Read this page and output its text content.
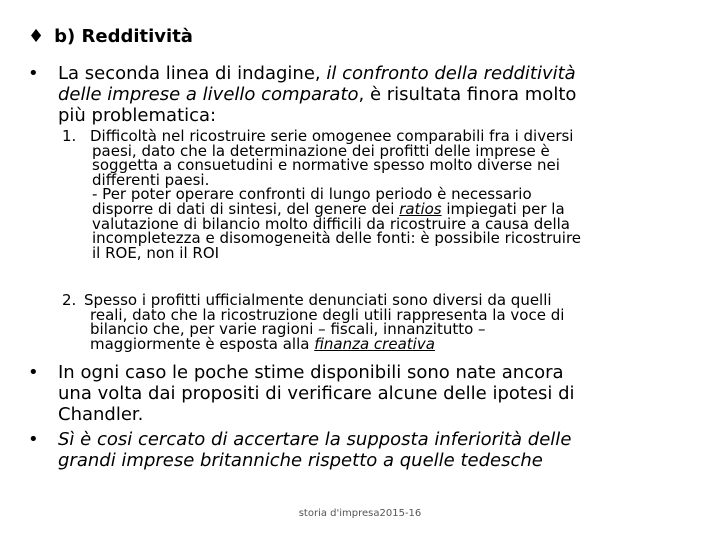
♦ b) Redditività
• La seconda linea di indagine, il confronto della redditività
delle imprese a livello comparato, è risultata finora molto
più problematica:
1. Difficoltà nel ricostruire serie omogenee comparabili fra i diversi
paesi, dato che la determinazione dei profitti delle imprese è
soggetta a consuetudini e normative spesso molto diverse nei
differenti paesi.
- Per poter operare confronti di lungo periodo è necessario
disporre di dati di sintesi, del genere dei ratios impiegati per la
valutazione di bilancio molto difficili da ricostruire a causa della
incompletezza e disomogeneità delle fonti: è possibile ricostruire
il ROE, non il ROI
2. Spesso i profitti ufficialmente denunciati sono diversi da quelli
reali, dato che la ricostruzione degli utili rappresenta la voce di
bilancio che, per varie ragioni – fiscali, innanzitutto –
maggiormente è esposta alla finanza creativa
• In ogni caso le poche stime disponibili sono nate ancora
una volta dai propositi di verificare alcune delle ipotesi di
Chandler.
• Sì è cosi cercato di accertare la supposta inferiorità delle
grandi imprese britanniche rispetto a quelle tedesche
storia d'impresa2015-16
